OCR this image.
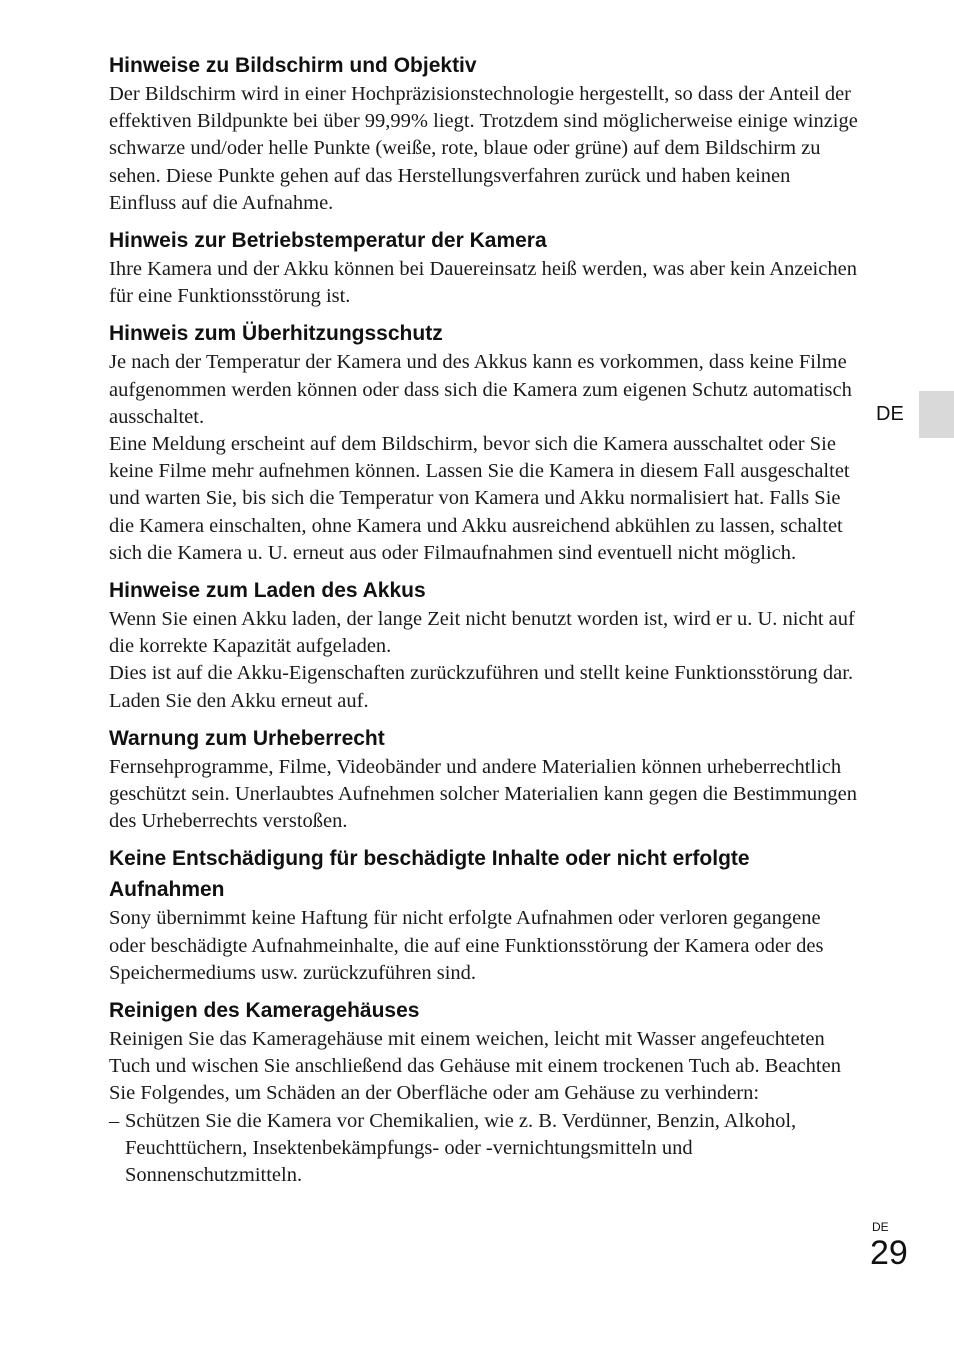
Hinweise zu Bildschirm und Objektiv

Der Bildschirm wird in einer Hochpräzisionstechnologie hergestellt, so dass der Anteil der effektiven Bildpunkte bei über 99,99% liegt. Trotzdem sind möglicherweise einige winzige schwarze und/oder helle Punkte (weiße, rote, blaue oder grüne) auf dem Bildschirm zu sehen. Diese Punkte gehen auf das Herstellungsverfahren zurück und haben keinen Einfluss auf die Aufnahme.

Hinweis zur Betriebstemperatur der Kamera

Ihre Kamera und der Akku können bei Dauereinsatz heiß werden, was aber kein Anzeichen für eine Funktionsstörung ist.

Hinweis zum Überhitzungsschutz

Je nach der Temperatur der Kamera und des Akkus kann es vorkommen, dass keine Filme aufgenommen werden können oder dass sich die Kamera zum eigenen Schutz automatisch ausschaltet.

Eine Meldung erscheint auf dem Bildschirm, bevor sich die Kamera ausschaltet oder Sie keine Filme mehr aufnehmen können. Lassen Sie die Kamera in diesem Fall ausgeschaltet und warten Sie, bis sich die Temperatur von Kamera und Akku normalisiert hat. Falls Sie die Kamera einschalten, ohne Kamera und Akku ausreichend abkühlen zu lassen, schaltet sich die Kamera u. U. erneut aus oder Filmaufnahmen sind eventuell nicht möglich.

Hinweise zum Laden des Akkus

Wenn Sie einen Akku laden, der lange Zeit nicht benutzt worden ist, wird er u. U. nicht auf die korrekte Kapazität aufgeladen.

Dies ist auf die Akku-Eigenschaften zurückzuführen und stellt keine Funktionsstörung dar. Laden Sie den Akku erneut auf.

Warnung zum Urheberrecht

Fernsehprogramme, Filme, Videobänder und andere Materialien können urheberrechtlich geschützt sein. Unerlaubtes Aufnehmen solcher Materialien kann gegen die Bestimmungen des Urheberrechts verstoßen.

Keine Entschädigung für beschädigte Inhalte oder nicht erfolgte Aufnahmen

Sony übernimmt keine Haftung für nicht erfolgte Aufnahmen oder verloren gegangene oder beschädigte Aufnahmeinhalte, die auf eine Funktionsstörung der Kamera oder des Speichermediums usw. zurückzuführen sind.

Reinigen des Kameragehäuses

Reinigen Sie das Kameragehäuse mit einem weichen, leicht mit Wasser angefeuchteten Tuch und wischen Sie anschließend das Gehäuse mit einem trockenen Tuch ab. Beachten Sie Folgendes, um Schäden an der Oberfläche oder am Gehäuse zu verhindern:

– Schützen Sie die Kamera vor Chemikalien, wie z. B. Verdünner, Benzin, Alkohol, Feuchttüchern, Insektenbekämpfungs- oder -vernichtungsmitteln und Sonnenschutzmitteln.
DE
DE
29
